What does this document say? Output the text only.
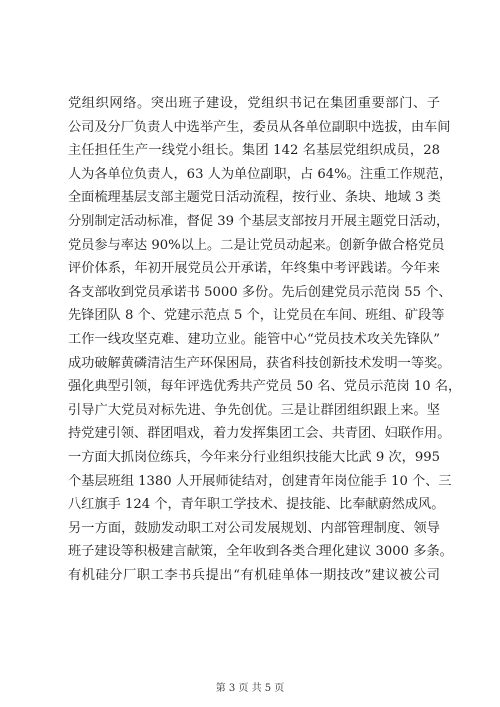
党组织网络。突出班子建设，党组织书记在集团重要部门、子
公司及分厂负责人中选举产生，委员从各单位副职中选拔，由车间
主任担任生产一线党小组长。集团 142 名基层党组织成员，28
人为各单位负责人，63 人为单位副职，占 64%。注重工作规范，
全面梳理基层支部主题党日活动流程，按行业、条块、地域 3 类
分别制定活动标准，督促 39 个基层支部按月开展主题党日活动，
党员参与率达 90%以上。二是让党员动起来。创新争做合格党员
评价体系，年初开展党员公开承诺，年终集中考评践诺。今年来
各支部收到党员承诺书 5000 多份。先后创建党员示范岗 55 个、
先锋团队 8 个、党建示范点 5 个，让党员在车间、班组、矿段等
工作一线攻坚克难、建功立业。能管中心“党员技术攻关先锋队”
成功破解黄磷清洁生产环保困局，获省科技创新技术发明一等奖。
强化典型引领，每年评选优秀共产党员 50 名、党员示范岗 10 名，
引导广大党员对标先进、争先创优。三是让群团组织跟上来。坚
持党建引领、群团唱戏，着力发挥集团工会、共青团、妇联作用。
一方面大抓岗位练兵，今年来分行业组织技能大比武 9 次，995
个基层班组 1380 人开展师徒结对，创建青年岗位能手 10 个、三
八红旗手 124 个，青年职工学技术、提技能、比奉献蔚然成风。
另一方面，鼓励发动职工对公司发展规划、内部管理制度、领导
班子建设等积极建言献策，全年收到各类合理化建议 3000 多条。
有机硅分厂职工李书兵提出“有机硅单体一期技改”建议被公司
第 3 页 共 5 页
